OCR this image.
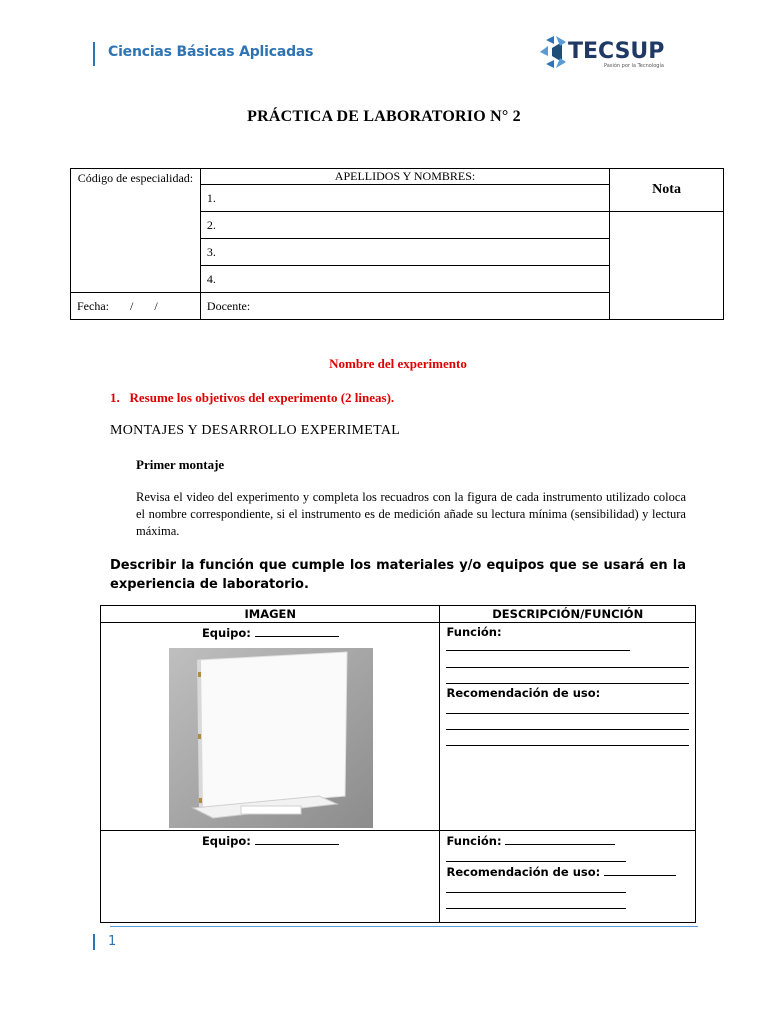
Ciencias Básicas Aplicadas	TECSUP
Pasión por la Tecnología
PRÁCTICA DE LABORATORIO N° 2
Código de especialidad:	APELLIDOS Y NOMBRES:	Nota
	1.	
	2.	
	3.	
	4.	
Fecha:       /       /	Docente:	
Nombre del experimento
1.   Resume los objetivos del experimento (2 lineas).
MONTAJES Y DESARROLLO EXPERIMETAL
Primer montaje
Revisa el video del experimento y completa los recuadros con la figura de cada instrumento utilizado coloca el nombre correspondiente, si el instrumento es de medición añade su lectura mínima (sensibilidad) y lectura máxima.
Describir la función que cumple los materiales y/o equipos que se usará en la experiencia de laboratorio.
IMAGEN	DESCRIPCIÓN/FUNCIÓN

Equipo:	Función:
Recomendación de uso:

Equipo:	Función:
Recomendación de uso:
1
